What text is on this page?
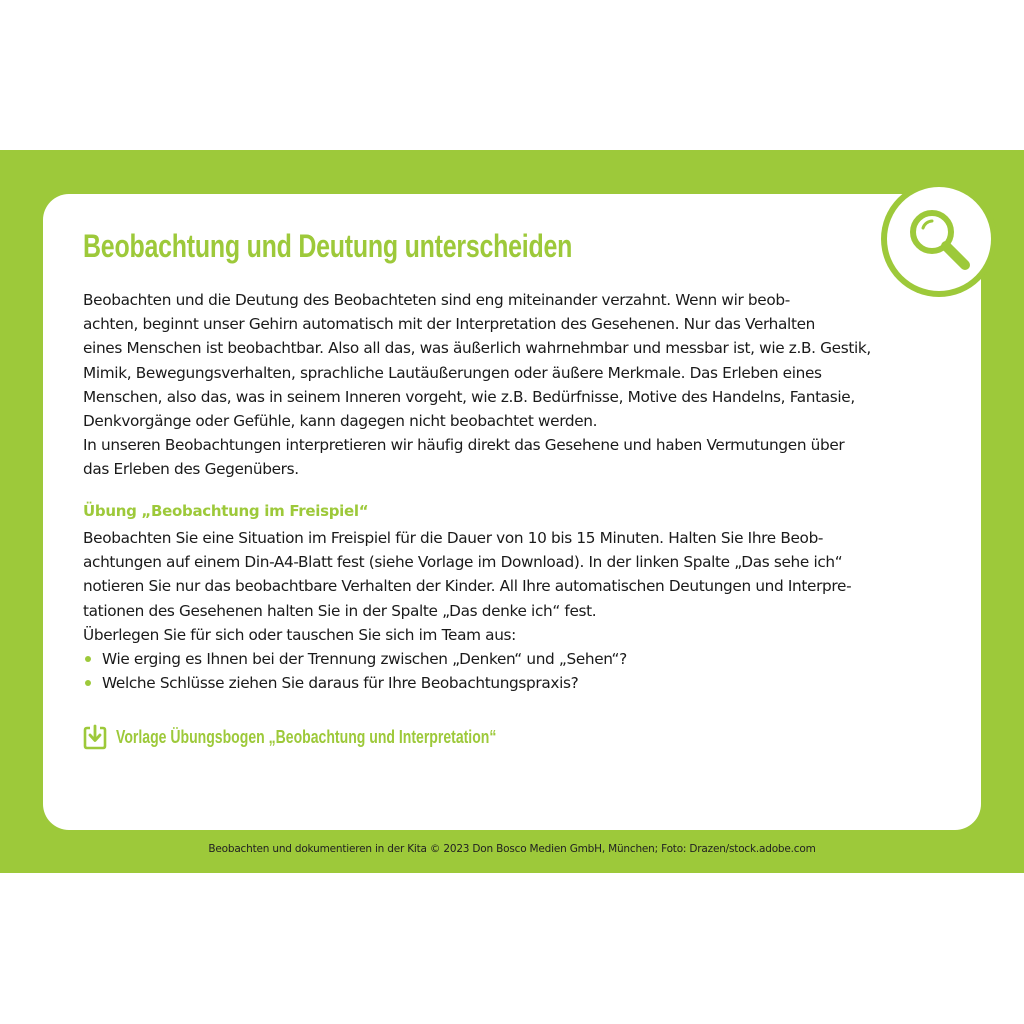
Beobachtung und Deutung unterscheiden
Beobachten und die Deutung des Beobachteten sind eng miteinander verzahnt. Wenn wir beob-
achten, beginnt unser Gehirn automatisch mit der Interpretation des Gesehenen. Nur das Verhalten
eines Menschen ist beobachtbar. Also all das, was äußerlich wahrnehmbar und messbar ist, wie z.B. Gestik,
Mimik, Bewegungsverhalten, sprachliche Lautäußerungen oder äußere Merkmale. Das Erleben eines
Menschen, also das, was in seinem Inneren vorgeht, wie z.B. Bedürfnisse, Motive des Handelns, Fantasie,
Denkvorgänge oder Gefühle, kann dagegen nicht beobachtet werden.
In unseren Beobachtungen interpretieren wir häufig direkt das Gesehene und haben Vermutungen über
das Erleben des Gegenübers.
Übung „Beobachtung im Freispiel“
Beobachten Sie eine Situation im Freispiel für die Dauer von 10 bis 15 Minuten. Halten Sie Ihre Beob-
achtungen auf einem Din-A4-Blatt fest (siehe Vorlage im Download). In der linken Spalte „Das sehe ich“
notieren Sie nur das beobachtbare Verhalten der Kinder. All Ihre automatischen Deutungen und Interpre-
tationen des Gesehenen halten Sie in der Spalte „Das denke ich“ fest.
Überlegen Sie für sich oder tauschen Sie sich im Team aus:
Wie erging es Ihnen bei der Trennung zwischen „Denken“ und „Sehen“?
Welche Schlüsse ziehen Sie daraus für Ihre Beobachtungspraxis?
Vorlage Übungsbogen „Beobachtung und Interpretation“
Beobachten und dokumentieren in der Kita © 2023 Don Bosco Medien GmbH, München; Foto: Drazen/stock.adobe.com
